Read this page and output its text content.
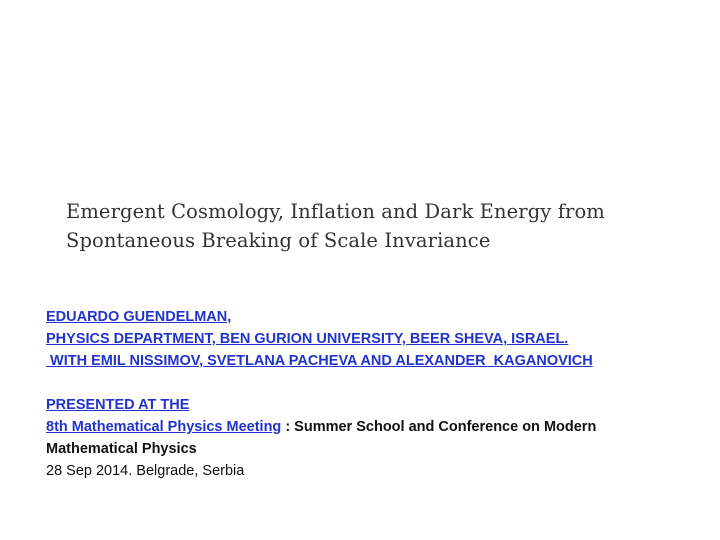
Emergent Cosmology, Inflation and Dark Energy from
Spontaneous Breaking of Scale Invariance
EDUARDO GUENDELMAN,
PHYSICS DEPARTMENT, BEN GURION UNIVERSITY, BEER SHEVA, ISRAEL.
WITH EMIL NISSIMOV, SVETLANA PACHEVA AND ALEXANDER  KAGANOVICH
PRESENTED AT THE
8th Mathematical Physics Meeting : Summer School and Conference on Modern
Mathematical Physics
28 Sep 2014. Belgrade, Serbia
